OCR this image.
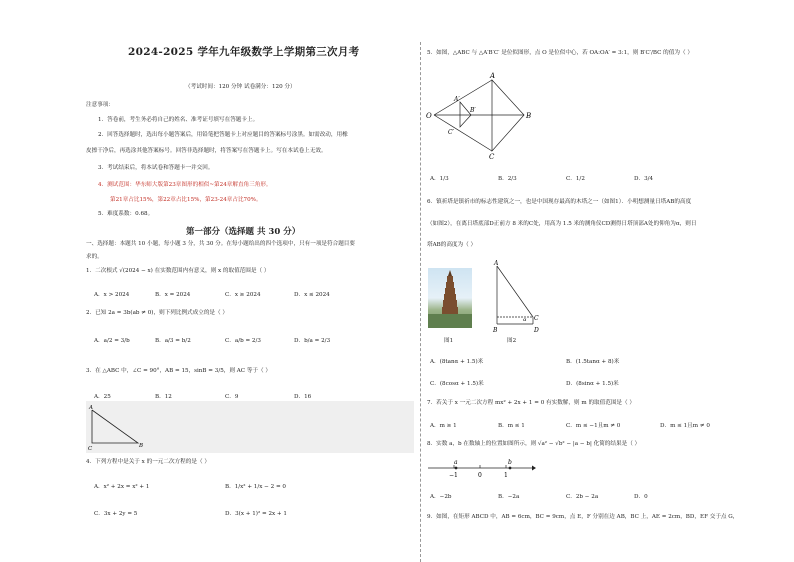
2024-2025 学年九年级数学上学期第三次月考
（考试时间：120 分钟 试卷满分：120 分）
注意事项：
1．答卷前，考生务必将自己的姓名、准考证号填写在答题卡上。
2．回答选择题时，选出每小题答案后，用铅笔把答题卡上对应题目的答案标号涂黑。如需改动，用橡
皮擦干净后，再选涂其他答案标号。回答非选择题时，将答案写在答题卡上。写在本试卷上无效。
3．考试结束后，将本试卷和答题卡一并交回。
4．测试范围：华东师大版第23章图形的相似~第24章解直角三角形。
第21章占比15%，第22章占比15%，第23-24章占比70%。
5．难度系数：0.68。
第一部分（选择题 共 30 分）
一、选择题：本题共 10 小题，每小题 3 分，共 30 分。在每小题给出的四个选项中，只有一项是符合题目要
求的。
1．二次根式 √(2024 − x) 在实数范围内有意义，则 x 的取值范围是（ ）
A．x > 2024	B．x = 2024	C．x ≥ 2024	D．x ≤ 2024
2．已知 2a = 3b(ab ≠ 0)，则下列比例式成立的是（ ）
A．a/2 = 3/b	B．a/3 = b/2	C．a/b = 2/3	D．b/a = 2/3
3．在 △ABC 中，∠C = 90°，AB = 15，sinB = 3/5，则 AC 等于（ ）
A．25	B．12	C．9	D．16
A
C	B
4．下列方程中是关于 x 的一元二次方程的是（ ）
A．x² + 2x = x² + 1	B．1/x² + 1/x − 2 = 0
C．3x + 2y = 5	D．3(x + 1)² = 2x + 1
5．如图，△ABC 与 △A′B′C′ 是位似图形，点 O 是位似中心，若 OA:OA′ = 3:1，则 B′C′/BC 的值为（ ）
A
B
C
O
A′
B′
C′
A．1/3	B．2/3	C．1/2	D．3/4
6．镇祈塔是镇祈市的标志性建筑之一，也是中国现存最高的木塔之一（如图1）．小明想测量日塔AB的高度
（如图2），在离日塔底部D正前方 8 米的C处，用高为 1.5 米的测角仪CD测得日塔顶部A处的仰角为α，则日
塔AB的高度为（ ）
图1
A
B	D
C
α
图2
A．(8tanα + 1.5)米	B．(1.5tanα + 8)米
C．(8cosα + 1.5)米	D．(8sinα + 1.5)米
7．若关于 x 一元二次方程 mx² + 2x + 1 = 0 有实数解，则 m 的取值范围是（ ）
A．m ≥ 1	B．m ≤ 1	C．m ≤ −1且m ≠ 0	D．m ≤ 1且m ≠ 0
8．实数 a，b 在数轴上的位置如图所示，则 √a² − √b² − |a − b| 化简的结果是（ ）
a	b
−1	0	1
A．−2b	B．−2a	C．2b − 2a	D．0
9．如图，在矩形 ABCD 中，AB = 6cm，BC = 9cm，点 E，F 分别在边 AB，BC 上，AE = 2cm，BD，EF 交于点 G，
